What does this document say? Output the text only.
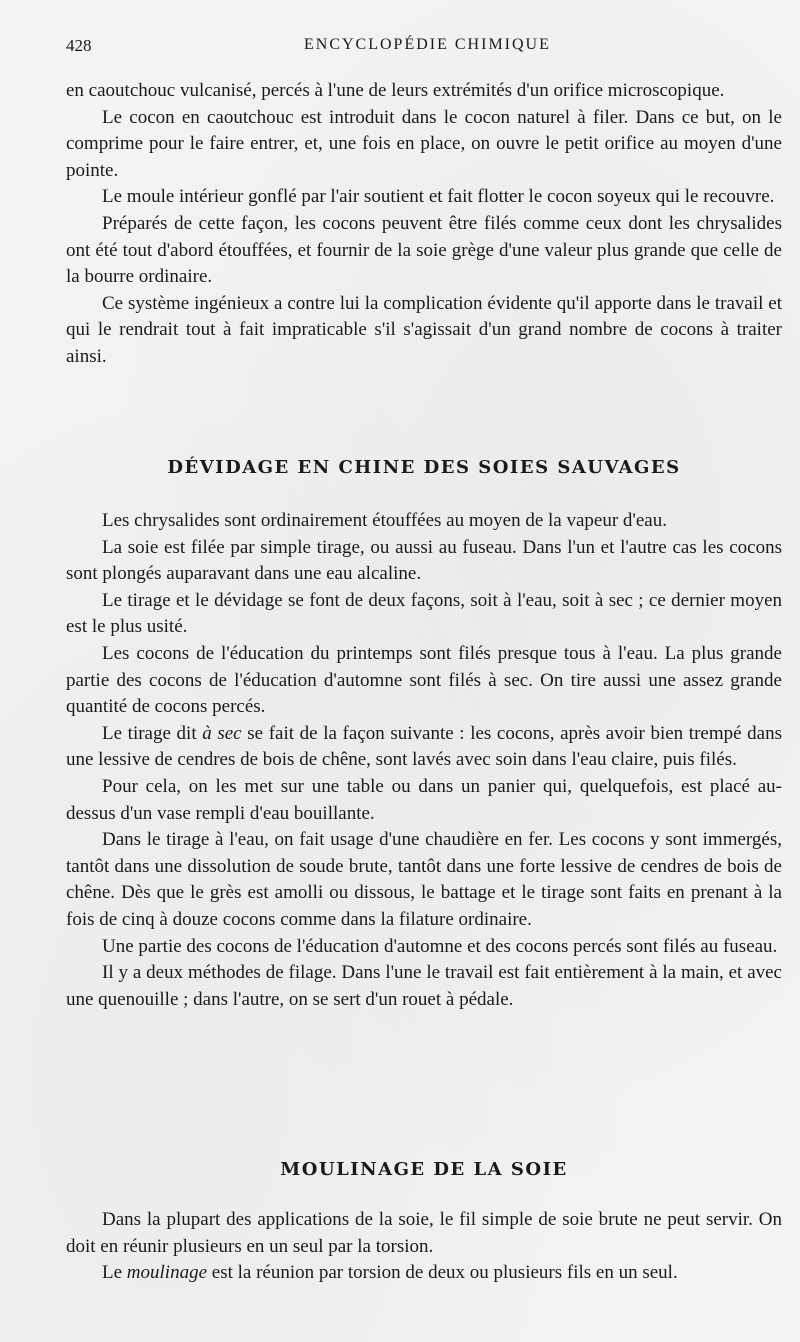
428	ENCYCLOPÉDIE CHIMIQUE

en caoutchouc vulcanisé, percés à l'une de leurs extrémités d'un orifice microscopique.

Le cocon en caoutchouc est introduit dans le cocon naturel à filer. Dans ce but, on le comprime pour le faire entrer, et, une fois en place, on ouvre le petit orifice au moyen d'une pointe.

Le moule intérieur gonflé par l'air soutient et fait flotter le cocon soyeux qui le recouvre.

Préparés de cette façon, les cocons peuvent être filés comme ceux dont les chrysalides ont été tout d'abord étouffées, et fournir de la soie grège d'une valeur plus grande que celle de la bourre ordinaire.

Ce système ingénieux a contre lui la complication évidente qu'il apporte dans le travail et qui le rendrait tout à fait impraticable s'il s'agissait d'un grand nombre de cocons à traiter ainsi.

DÉVIDAGE EN CHINE DES SOIES SAUVAGES

Les chrysalides sont ordinairement étouffées au moyen de la vapeur d'eau.

La soie est filée par simple tirage, ou aussi au fuseau. Dans l'un et l'autre cas les cocons sont plongés auparavant dans une eau alcaline.

Le tirage et le dévidage se font de deux façons, soit à l'eau, soit à sec ; ce dernier moyen est le plus usité.

Les cocons de l'éducation du printemps sont filés presque tous à l'eau. La plus grande partie des cocons de l'éducation d'automne sont filés à sec. On tire aussi une assez grande quantité de cocons percés.

Le tirage dit à sec se fait de la façon suivante : les cocons, après avoir bien trempé dans une lessive de cendres de bois de chêne, sont lavés avec soin dans l'eau claire, puis filés.

Pour cela, on les met sur une table ou dans un panier qui, quelquefois, est placé au-dessus d'un vase rempli d'eau bouillante.

Dans le tirage à l'eau, on fait usage d'une chaudière en fer. Les cocons y sont immergés, tantôt dans une dissolution de soude brute, tantôt dans une forte lessive de cendres de bois de chêne. Dès que le grès est amolli ou dissous, le battage et le tirage sont faits en prenant à la fois de cinq à douze cocons comme dans la filature ordinaire.

Une partie des cocons de l'éducation d'automne et des cocons percés sont filés au fuseau.

Il y a deux méthodes de filage. Dans l'une le travail est fait entièrement à la main, et avec une quenouille ; dans l'autre, on se sert d'un rouet à pédale.

MOULINAGE DE LA SOIE

Dans la plupart des applications de la soie, le fil simple de soie brute ne peut servir. On doit en réunir plusieurs en un seul par la torsion.

Le moulinage est la réunion par torsion de deux ou plusieurs fils en un seul.
